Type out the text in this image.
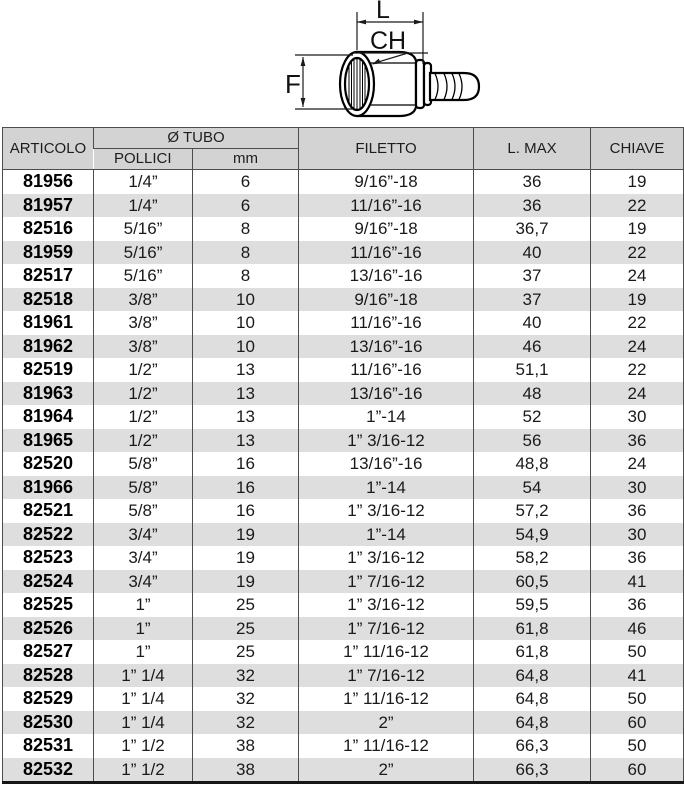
L
CH
F
ARTICOLO	Ø TUBO		FILETTO	L. MAX	CHIAVE
	POLLICI	mm			
81956	1/4”	6	9/16”-18	36	19
81957	1/4”	6	11/16”-16	36	22
82516	5/16”	8	9/16”-18	36,7	19
81959	5/16”	8	11/16”-16	40	22
82517	5/16”	8	13/16”-16	37	24
82518	3/8”	10	9/16”-18	37	19
81961	3/8”	10	11/16”-16	40	22
81962	3/8”	10	13/16”-16	46	24
82519	1/2”	13	11/16”-16	51,1	22
81963	1/2”	13	13/16”-16	48	24
81964	1/2”	13	1”-14	52	30
81965	1/2”	13	1” 3/16-12	56	36
82520	5/8”	16	13/16”-16	48,8	24
81966	5/8”	16	1”-14	54	30
82521	5/8”	16	1” 3/16-12	57,2	36
82522	3/4”	19	1”-14	54,9	30
82523	3/4”	19	1” 3/16-12	58,2	36
82524	3/4”	19	1” 7/16-12	60,5	41
82525	1”	25	1” 3/16-12	59,5	36
82526	1”	25	1” 7/16-12	61,8	46
82527	1”	25	1” 11/16-12	61,8	50
82528	1” 1/4	32	1” 7/16-12	64,8	41
82529	1” 1/4	32	1” 11/16-12	64,8	50
82530	1” 1/4	32	2”	64,8	60
82531	1” 1/2	38	1” 11/16-12	66,3	50
82532	1” 1/2	38	2”	66,3	60
